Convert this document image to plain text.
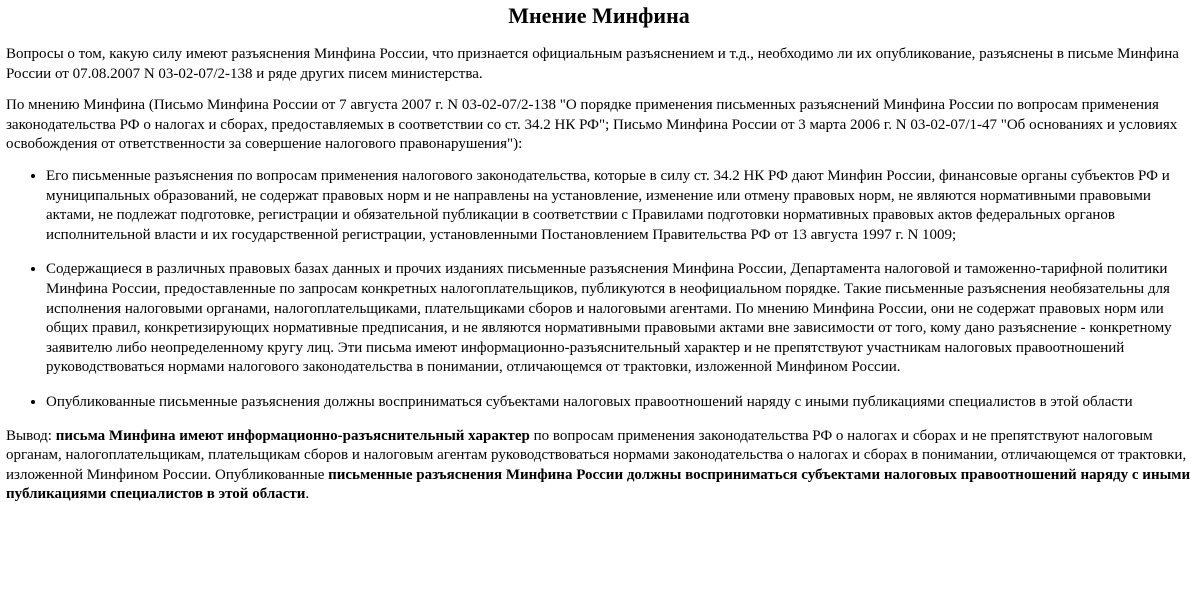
Мнение Минфина

Вопросы о том, какую силу имеют разъяснения Минфина России, что признается официальным разъяснением и т.д., необходимо ли их опубликование, разъяснены в письме Минфина России от 07.08.2007 N 03-02-07/2-138 и ряде других писем министерства.

По мнению Минфина (Письмо Минфина России от 7 августа 2007 г. N 03-02-07/2-138 "О порядке применения письменных разъяснений Минфина России по вопросам применения законодательства РФ о налогах и сборах, предоставляемых в соответствии со ст. 34.2 НК РФ"; Письмо Минфина России от 3 марта 2006 г. N 03-02-07/1-47 "Об основаниях и условиях освобождения от ответственности за совершение налогового правонарушения"):

• Его письменные разъяснения по вопросам применения налогового законодательства, которые в силу ст. 34.2 НК РФ дают Минфин России, финансовые органы субъектов РФ и муниципальных образований, не содержат правовых норм и не направлены на установление, изменение или отмену правовых норм, не являются нормативными правовыми актами, не подлежат подготовке, регистрации и обязательной публикации в соответствии с Правилами подготовки нормативных правовых актов федеральных органов исполнительной власти и их государственной регистрации, установленными Постановлением Правительства РФ от 13 августа 1997 г. N 1009;
• Содержащиеся в различных правовых базах данных и прочих изданиях письменные разъяснения Минфина России, Департамента налоговой и таможенно-тарифной политики Минфина России, предоставленные по запросам конкретных налогоплательщиков, публикуются в неофициальном порядке. Такие письменные разъяснения необязательны для исполнения налоговыми органами, налогоплательщиками, плательщиками сборов и налоговыми агентами. По мнению Минфина России, они не содержат правовых норм или общих правил, конкретизирующих нормативные предписания, и не являются нормативными правовыми актами вне зависимости от того, кому дано разъяснение - конкретному заявителю либо неопределенному кругу лиц. Эти письма имеют информационно-разъяснительный характер и не препятствуют участникам налоговых правоотношений руководствоваться нормами налогового законодательства в понимании, отличающемся от трактовки, изложенной Минфином России.
• Опубликованные письменные разъяснения должны восприниматься субъектами налоговых правоотношений наряду с иными публикациями специалистов в этой области

Вывод: письма Минфина имеют информационно-разъяснительный характер по вопросам применения законодательства РФ о налогах и сборах и не препятствуют налоговым органам, налогоплательщикам, плательщикам сборов и налоговым агентам руководствоваться нормами законодательства о налогах и сборах в понимании, отличающемся от трактовки, изложенной Минфином России. Опубликованные письменные разъяснения Минфина России должны восприниматься субъектами налоговых правоотношений наряду с иными публикациями специалистов в этой области.
